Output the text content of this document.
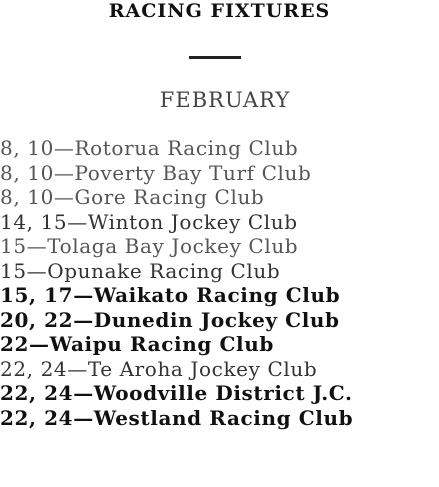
RACING FIXTURES
FEBRUARY
8, 10—Rotorua Racing Club
8, 10—Poverty Bay Turf Club
8, 10—Gore Racing Club
14, 15—Winton Jockey Club
15—Tolaga Bay Jockey Club
15—Opunake Racing Club
15, 17—Waikato Racing Club
20, 22—Dunedin Jockey Club
22—Waipu Racing Club
22, 24—Te Aroha Jockey Club
22, 24—Woodville District J.C.
22, 24—Westland Racing Club
